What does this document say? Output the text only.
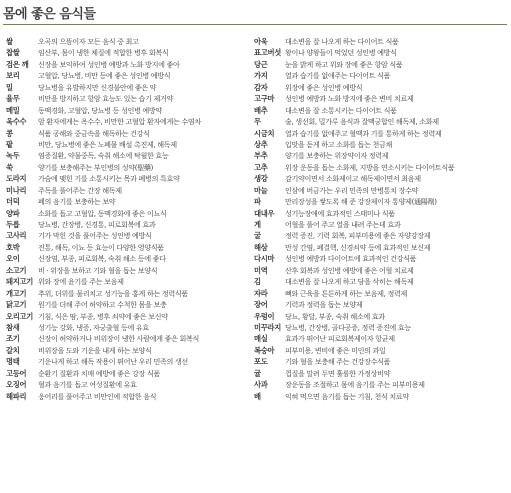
몸에 좋은 음식들
쌀	오곡의 으뜸이자 모든 음식 중 최고
찹쌀	임산부, 몸이 냉한 체질에 적합한 병후 회복식
검은 깨	신장을 보익하여 성인병 예방과 노화 방지에 좋아
보리	고혈압, 당뇨병, 비만 등에 좋은 성인병 예방식
밀	당뇨병을 유발하지만 신경불안에 좋은 약
율무	비만을 방지하고 항암 효능도 있는 습기 제거약
메밀	동맥경화, 고혈압, 당뇨병 등 성인병 예방약
옥수수	암 환자에게는 옥수수, 비만한 고혈압 환자에게는 수염차
콩	식품 공해와 중금속을 해독하는 건강식
팥	비만, 당뇨병에 좋은 노폐물 배설 촉진제, 해독제
녹두	염증질환, 약물중독, 숙취 해소에 탁월한 효능
쑥	양기를 보충해주는 부인병의 성약(聖藥)
도라지	가슴에 맺힌 기를 소통시키는 목과 폐병의 특효약
미나리	주독을 풀어주는 간장 해독제
더덕	폐의 음기를 보충하는 보약
양파	소화를 돕고 고혈압, 동맥경화에 좋은 이뇨식
두릅	당뇨병, 간장병, 신경통, 피로회복에 효과
고사리	기가 막힌 것을 풀어주는 성인병 예방식
호박	진통, 해독, 이뇨 등 효능이 다양한 영양식품
오이	신장염, 부종, 피로회복, 숙취 해소 등에 좋다
소고기	비 · 위장을 보하고 기와 혈을 돕는 보양식
돼지고기 위와 장에 윤기를 주는 보음제
개고기	추위, 더위를 물리치고 성기능을 홍게 하는 정력식품
닭고기	원기를 더해 주어 허약하고 수척한 몸을 보충
오리고기 기침, 식은 땀, 부종, 병후 쇠약에 좋은 보신약
참새	성기능 강화, 냉증, 자궁출혈 등에 유효
조기	신장이 허약하거나 비위장이 냉한 사람에게 좋은 회복식
갈치	비위장을 도와 기운을 내게 하는 보양식
명태	기운나게 하고 해독 작용이 뛰어난 우리 민족의 생선
고등어	순환기 질환과 치매 예방에 좋은 강장 식품
오징어	혈과 음기를 돕고 여성질환에 유효
해파리	응어리를 풀어주고 비만인에 적합한 음식
아욱	대소변을 잘 나오게 하는 다이어트 식품
표고버섯 왕이나 양왕들이 먹었던 성인병 예방식
당근	눈을 밝게 하고 위와 장에 좋은 항암 식품
가지	열과 습기를 없애주는 다이어트 식품
감자	위장에 좋은 성인병 예방식
고구마	성인병 예방과 노화 방지에 좋은 변비 치료제
배추	대소변을 잘 소통시키는 다이어트 식품
무	술, 생선회, 밀가루 음식과 잘맥궁합인 해독제, 소화제
시금치	열과 습기를 없애주고 혈맥과 기를 통하게 하는 정력제
상추	입맛을 돋게 하고 소화를 돕는 천금채
부추	양기를 보충하는 위장약이자 정력제
고추	위장 운동을 돕는 소화제, 지방을 연소시키는 다이어트식품
생강	감기약이면서 소화제이고 해독제이면서 최음제
마늘	인삼에 버금가는 우리 민족의 만병통치 장수약
파	만리장성을 쌓도록 해 준 강장제이자 통양제(通陽劑)
대내우	성기능장애에 효과적인 스태미나 식품
게	어혈을 풀어 주고 열을 내려 주는데 효과
굴	정력 증진, 기력 회복, 피부미용에 좋은 자양강장제
해삼	만성 간염, 폐결핵, 신경쇠약 등에 효과적인 보신제
다시마	성인병 예방과 다이어트에 효과적인 건강식품
미역	산후 회복과 성인병 예방에 좋은 어혈 치료제
김	대소변을 잘 나오게 하고 담을 삭히는 해독제
자라	뼈와 근육을 튼튼하게 하는 보음제, 정력제
장어	기력과 정력을 돕는 보양제
우렁이	당뇨, 황달, 부종, 숙취 해소에 효과
미꾸라지 당뇨병, 간장병, 골다공증, 정력 증진에 효능
매실	효과가 뛰어난 피로회복제이자 항균제
복숭아	피부미용, 변비에 좋은 미인의 과일
포도	기와 혈을 보충해 주는 건강장수식품
귤	껍질을 말려 두면 훌륭한 가정상비약
사과	장운동을 조절하고 몸에 음기를 주는 피부미용제
배	익혀 먹으면 음기를 돕는 기침, 천식 치료약
